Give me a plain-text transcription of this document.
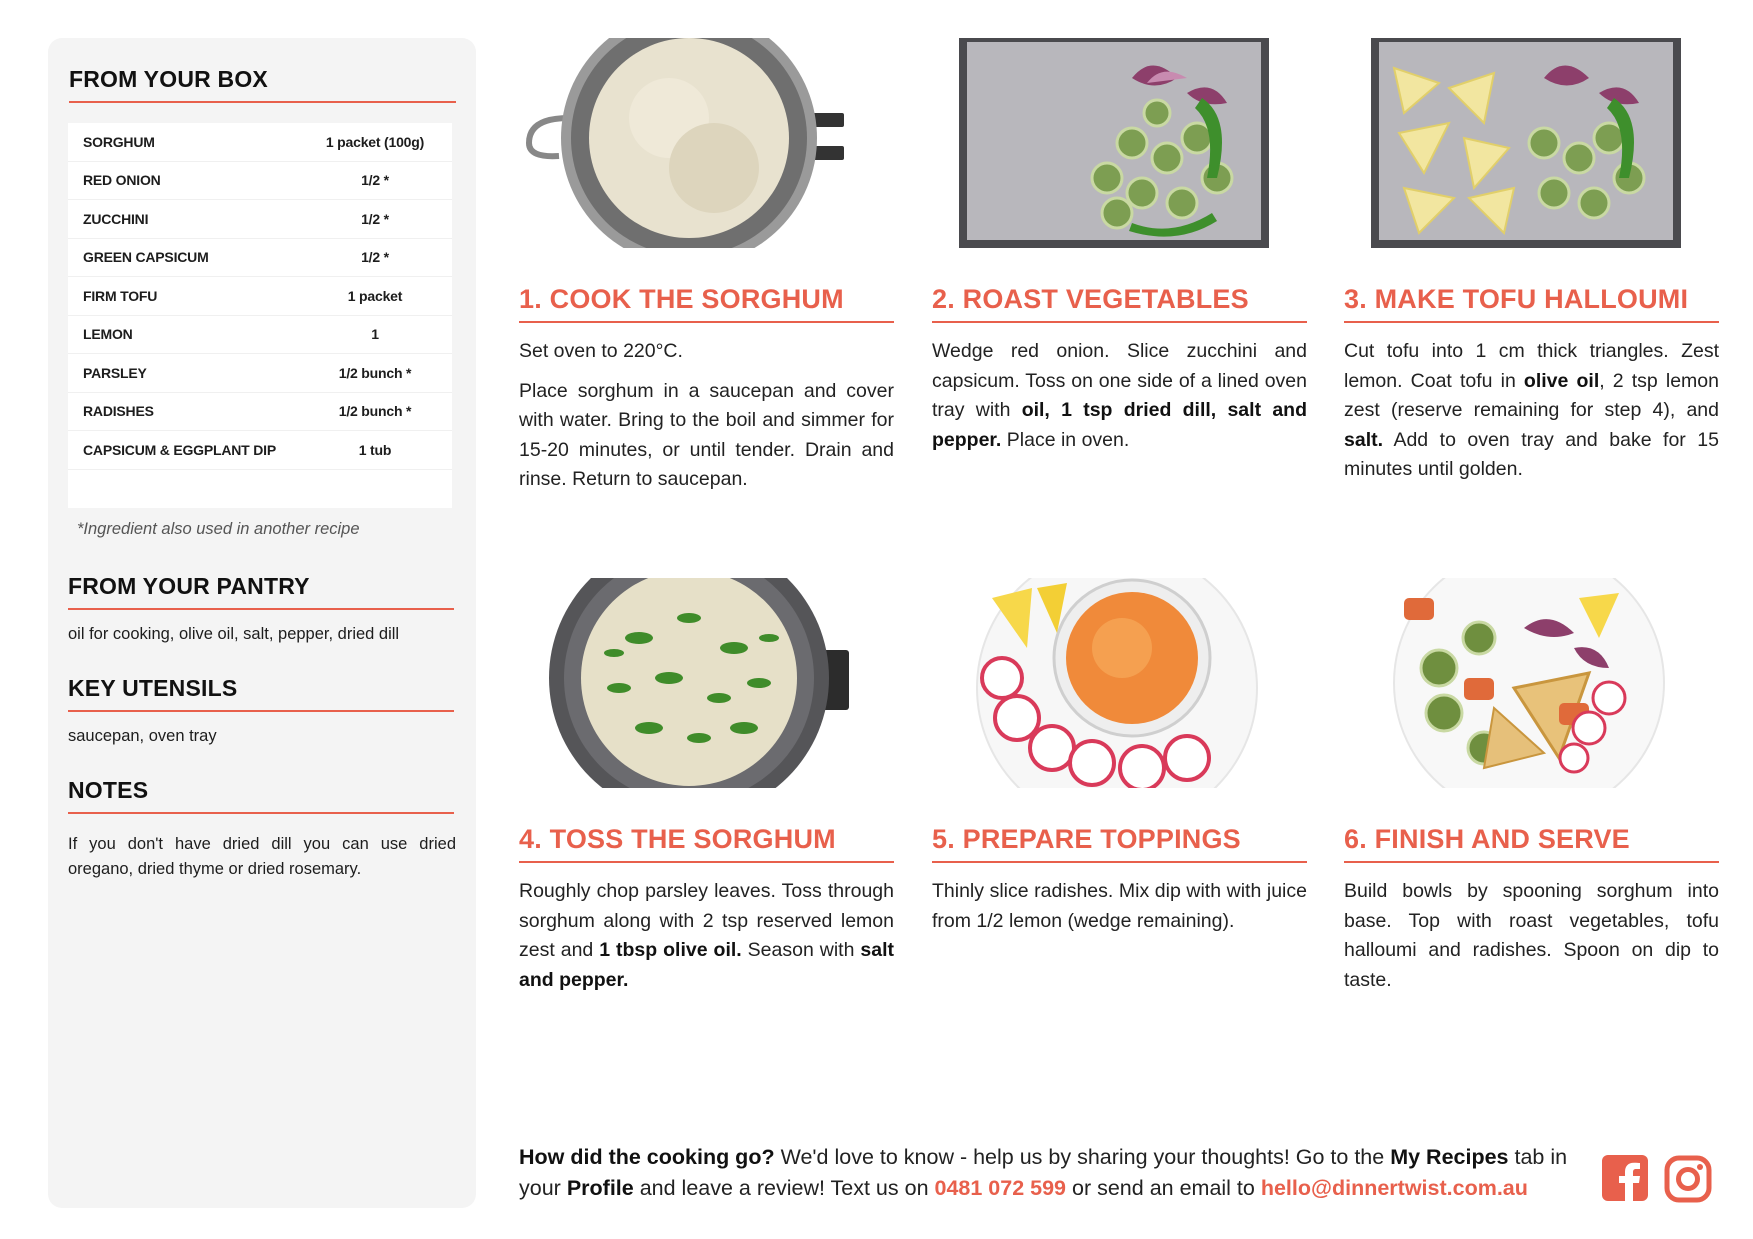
FROM YOUR BOX
SORGHUM	1 packet (100g)
RED ONION	1/2 *
ZUCCHINI	1/2 *
GREEN CAPSICUM	1/2 *
FIRM TOFU	1 packet
LEMON	1
PARSLEY	1/2 bunch *
RADISHES	1/2 bunch *
CAPSICUM & EGGPLANT DIP	1 tub
*Ingredient also used in another recipe
FROM YOUR PANTRY
oil for cooking, olive oil, salt, pepper, dried dill
KEY UTENSILS
saucepan, oven tray
NOTES
If you don't have dried dill you can use dried oregano, dried thyme or dried rosemary.
1. COOK THE SORGHUM

Set oven to 220°C.

Place sorghum in a saucepan and cover with water. Bring to the boil and simmer for 15-20 minutes, or until tender. Drain and rinse. Return to saucepan.

2. ROAST VEGETABLES

Wedge red onion. Slice zucchini and capsicum. Toss on one side of a lined oven tray with oil, 1 tsp dried dill, salt and pepper. Place in oven.

3. MAKE TOFU HALLOUMI

Cut tofu into 1 cm thick triangles. Zest lemon. Coat tofu in olive oil, 2 tsp lemon zest (reserve remaining for step 4), and salt. Add to oven tray and bake for 15 minutes until golden.

4. TOSS THE SORGHUM

Roughly chop parsley leaves. Toss through sorghum along with 2 tsp reserved lemon zest and 1 tbsp olive oil. Season with salt and pepper.

5. PREPARE TOPPINGS

Thinly slice radishes. Mix dip with with juice from 1/2 lemon (wedge remaining).

6. FINISH AND SERVE

Build bowls by spooning sorghum into base. Top with roast vegetables, tofu halloumi and radishes. Spoon on dip to taste.

How did the cooking go? We'd love to know - help us by sharing your thoughts! Go to the My Recipes tab in your Profile and leave a review! Text us on 0481 072 599 or send an email to hello@dinnertwist.com.au
